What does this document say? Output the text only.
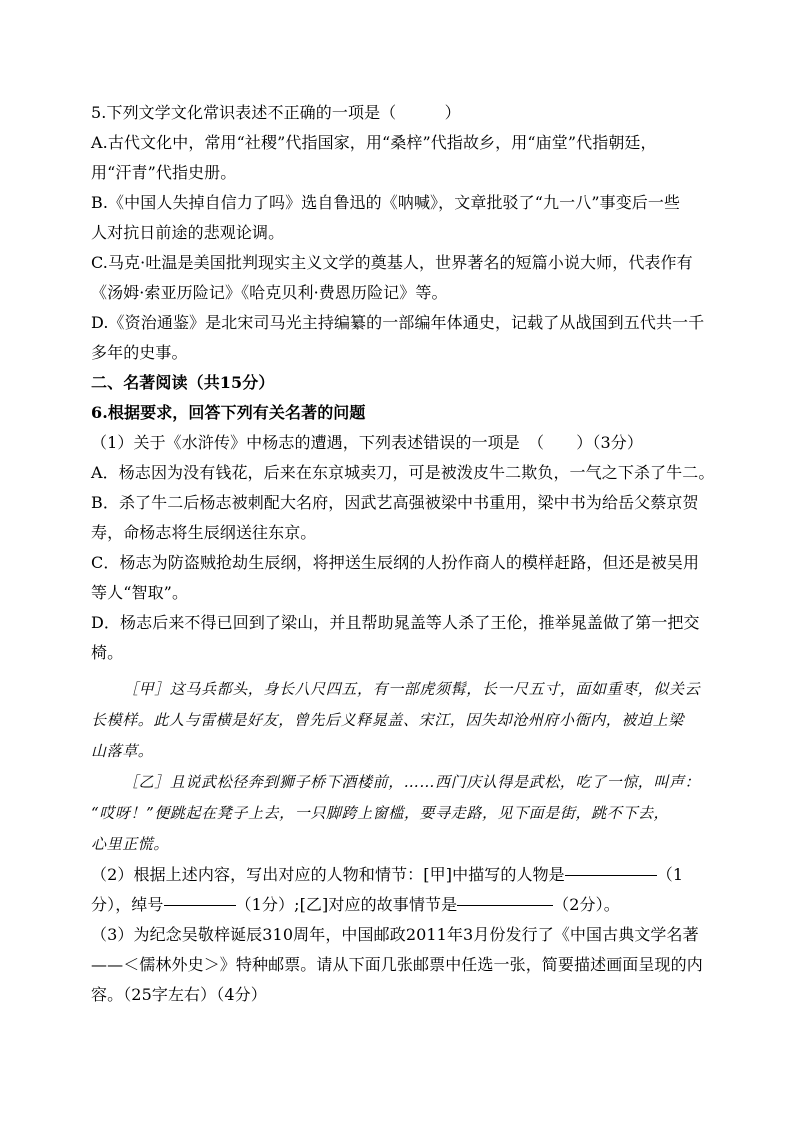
5.下列文学文化常识表述不正确的一项是（　　　）
A.古代文化中，常用“社稷”代指国家，用“桑梓”代指故乡，用“庙堂”代指朝廷，
用“汗青”代指史册。
B.《中国人失掉自信力了吗》选自鲁迅的《呐喊》，文章批驳了“九一八”事变后一些
人对抗日前途的悲观论调。
C.马克·吐温是美国批判现实主义文学的奠基人，世界著名的短篇小说大师，代表作有
《汤姆·索亚历险记》《哈克贝利·费恩历险记》等。
D.《资治通鉴》是北宋司马光主持编纂的一部编年体通史，记载了从战国到五代共一千
多年的史事。
二、名著阅读（共15分）
6.根据要求，回答下列有关名著的问题
（1）关于《水浒传》中杨志的遭遇，下列表述错误的一项是　（　　）（3分）
A．杨志因为没有钱花，后来在东京城卖刀，可是被泼皮牛二欺负，一气之下杀了牛二。
B．杀了牛二后杨志被刺配大名府，因武艺高强被梁中书重用，梁中书为给岳父蔡京贺
寿，命杨志将生辰纲送往东京。
C．杨志为防盗贼抢劫生辰纲，将押送生辰纲的人扮作商人的模样赶路，但还是被吴用
等人“智取”。
D．杨志后来不得已回到了梁山，并且帮助晁盖等人杀了王伦，推举晁盖做了第一把交
椅。
［甲］这马兵都头，身长八尺四五，有一部虎须髯，长一尺五寸，面如重枣，似关云
长模样。此人与雷横是好友，曾先后义释晁盖、宋江，因失却沧州府小衙内，被迫上梁
山落草。
［乙］且说武松径奔到狮子桥下酒楼前，……西门庆认得是武松，吃了一惊，叫声：
“哎呀！”便跳起在凳子上去，一只脚跨上窗槛，要寻走路，见下面是街，跳不下去，
心里正慌。
（2）根据上述内容，写出对应的人物和情节：[甲]中描写的人物是	（1
分），绰号	（1分）;[乙]对应的故事情节是	（2分）。
（3）为纪念吴敬梓诞辰310周年，中国邮政2011年3月份发行了《中国古典文学名著
——＜儒林外史＞》特种邮票。请从下面几张邮票中任选一张，简要描述画面呈现的内
容。（25字左右）（4分）
